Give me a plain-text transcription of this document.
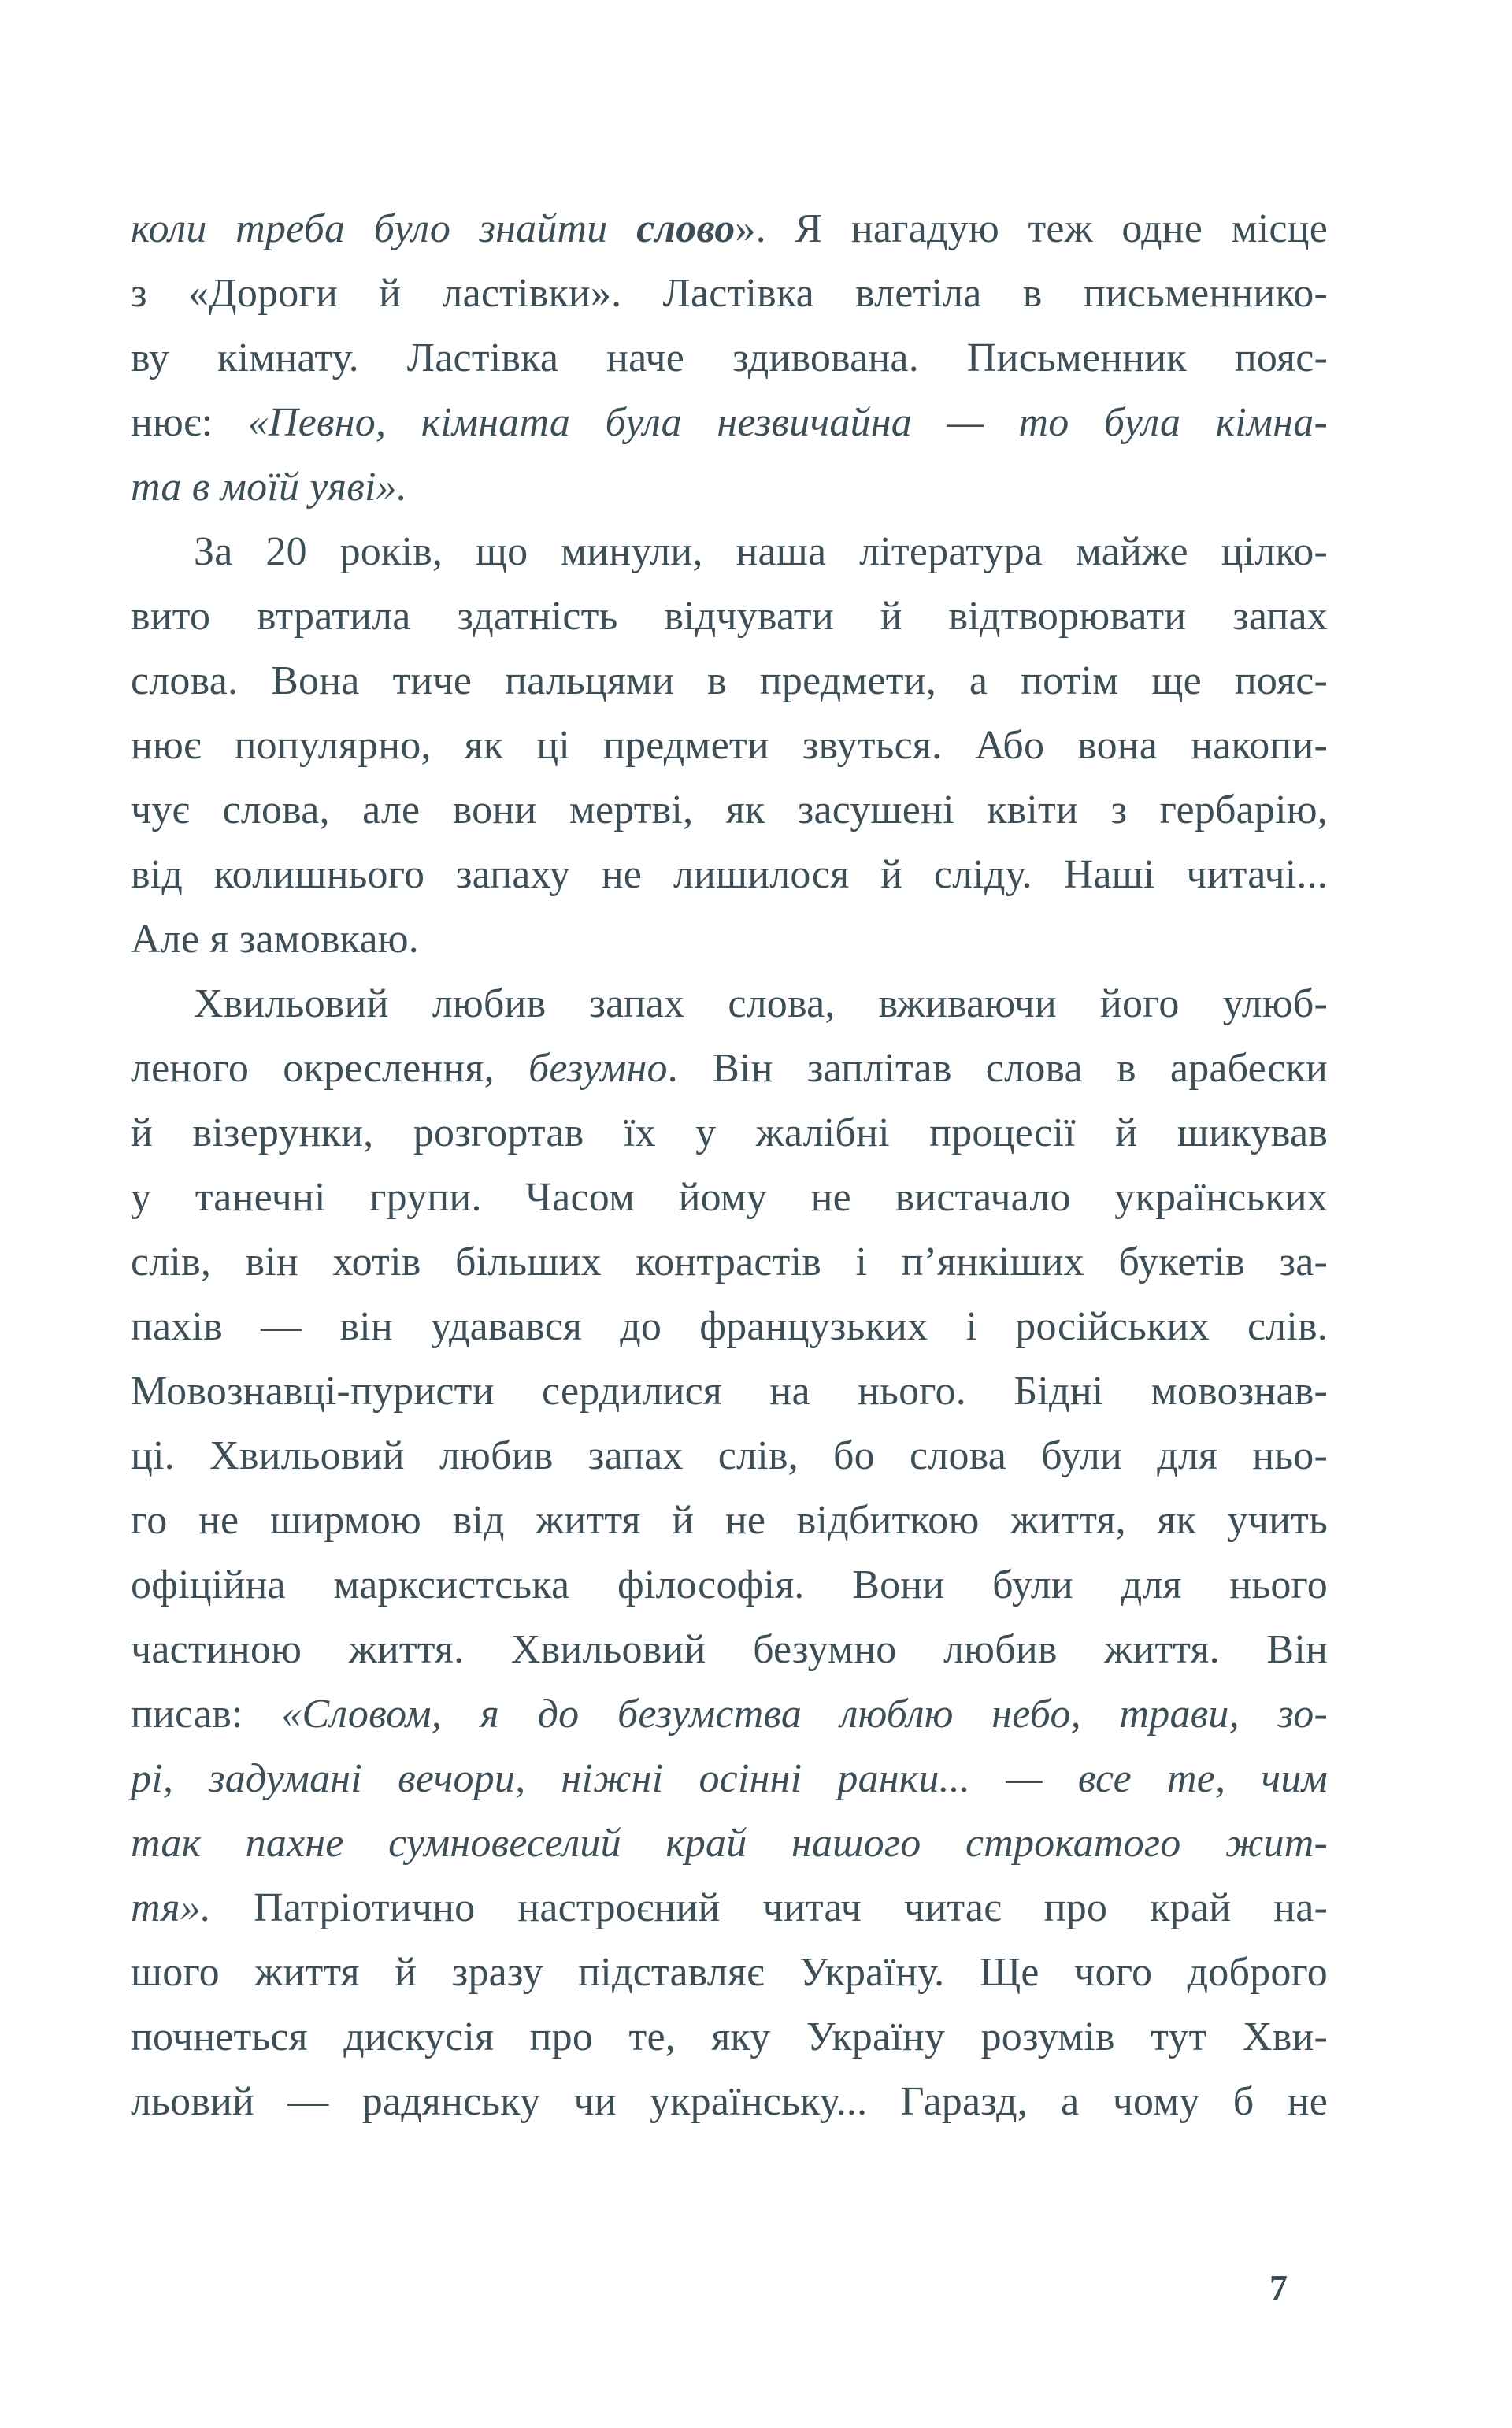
коли треба було знайти слово». Я нагадую теж одне місце
з «Дороги й ластівки». Ластівка влетіла в письменнико-
ву кімнату. Ластівка наче здивована. Письменник пояс-
нює: «Певно, кімната була незвичайна — то була кімна-
та в моїй уяві».
За 20 років, що минули, наша література майже цілко-
вито втратила здатність відчувати й відтворювати запах
слова. Вона тиче пальцями в предмети, а потім ще пояс-
нює популярно, як ці предмети звуться. Або вона накопи-
чує слова, але вони мертві, як засушені квіти з гербарію,
від колишнього запаху не лишилося й сліду. Наші читачі...
Але я замовкаю.
Хвильовий любив запах слова, вживаючи його улюб-
леного окреслення, безумно. Він заплітав слова в арабески
й візерунки, розгортав їх у жалібні процесії й шикував
у танечні групи. Часом йому не вистачало українських
слів, він хотів більших контрастів і п’янкіших букетів за-
пахів — він удавався до французьких і російських слів.
Мовознавці-пуристи сердилися на нього. Бідні мовознав-
ці. Хвильовий любив запах слів, бо слова були для ньо-
го не ширмою від життя й не відбиткою життя, як учить
офіційна марксистська філософія. Вони були для нього
частиною життя. Хвильовий безумно любив життя. Він
писав: «Словом, я до безумства люблю небо, трави, зо-
рі, задумані вечори, ніжні осінні ранки... — все те, чим
так пахне сумновеселий край нашого строкатого жит-
тя». Патріотично настроєний читач читає про край на-
шого життя й зразу підставляє Україну. Ще чого доброго
почнеться дискусія про те, яку Україну розумів тут Хви-
льовий — радянську чи українську... Гаразд, а чому б не
7
